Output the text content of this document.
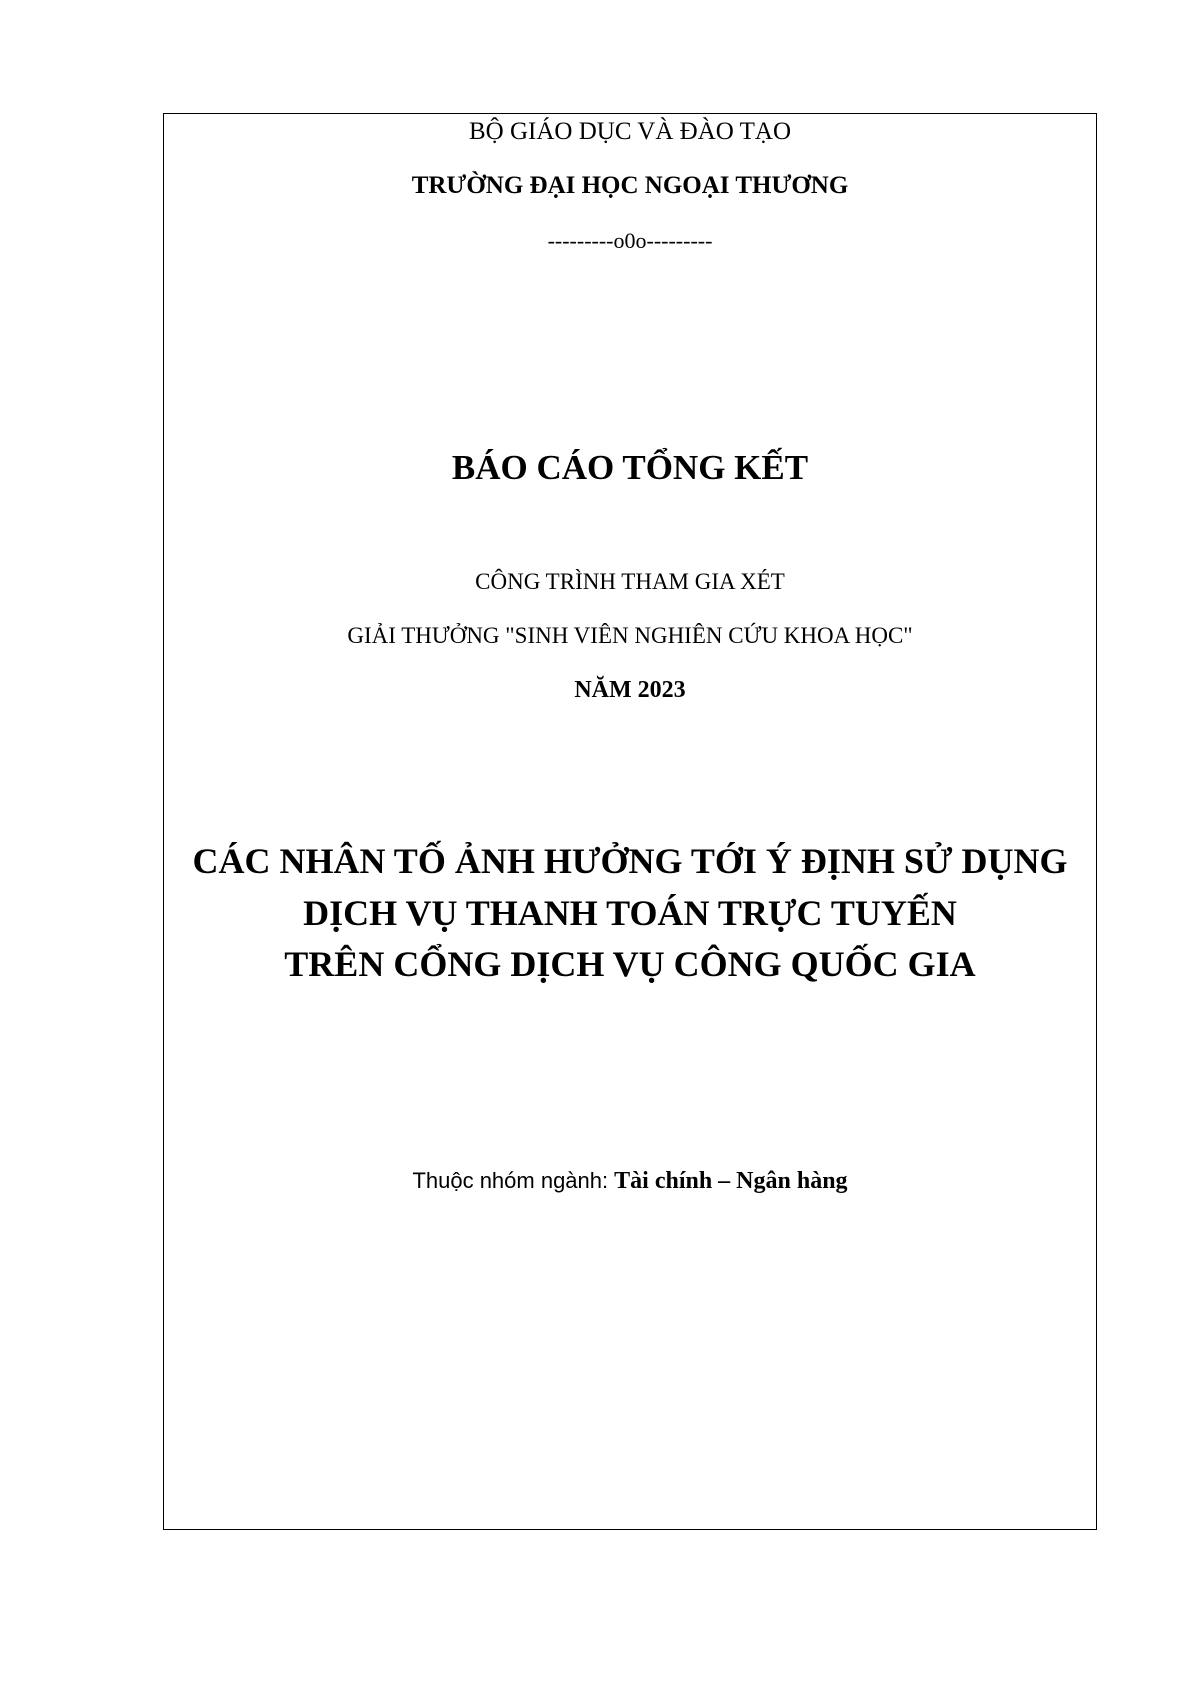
BỘ GIÁO DỤC VÀ ĐÀO TẠO
TRƯỜNG ĐẠI HỌC NGOẠI THƯƠNG
---------o0o---------
BÁO CÁO TỔNG KẾT
CÔNG TRÌNH THAM GIA XÉT
GIẢI THƯỞNG "SINH VIÊN NGHIÊN CỨU KHOA HỌC"
NĂM 2023
CÁC NHÂN TỐ ẢNH HƯỞNG TỚI Ý ĐỊNH SỬ DỤNG
DỊCH VỤ THANH TOÁN TRỰC TUYẾN
TRÊN CỔNG DỊCH VỤ CÔNG QUỐC GIA
Thuộc nhóm ngành: Tài chính – Ngân hàng
